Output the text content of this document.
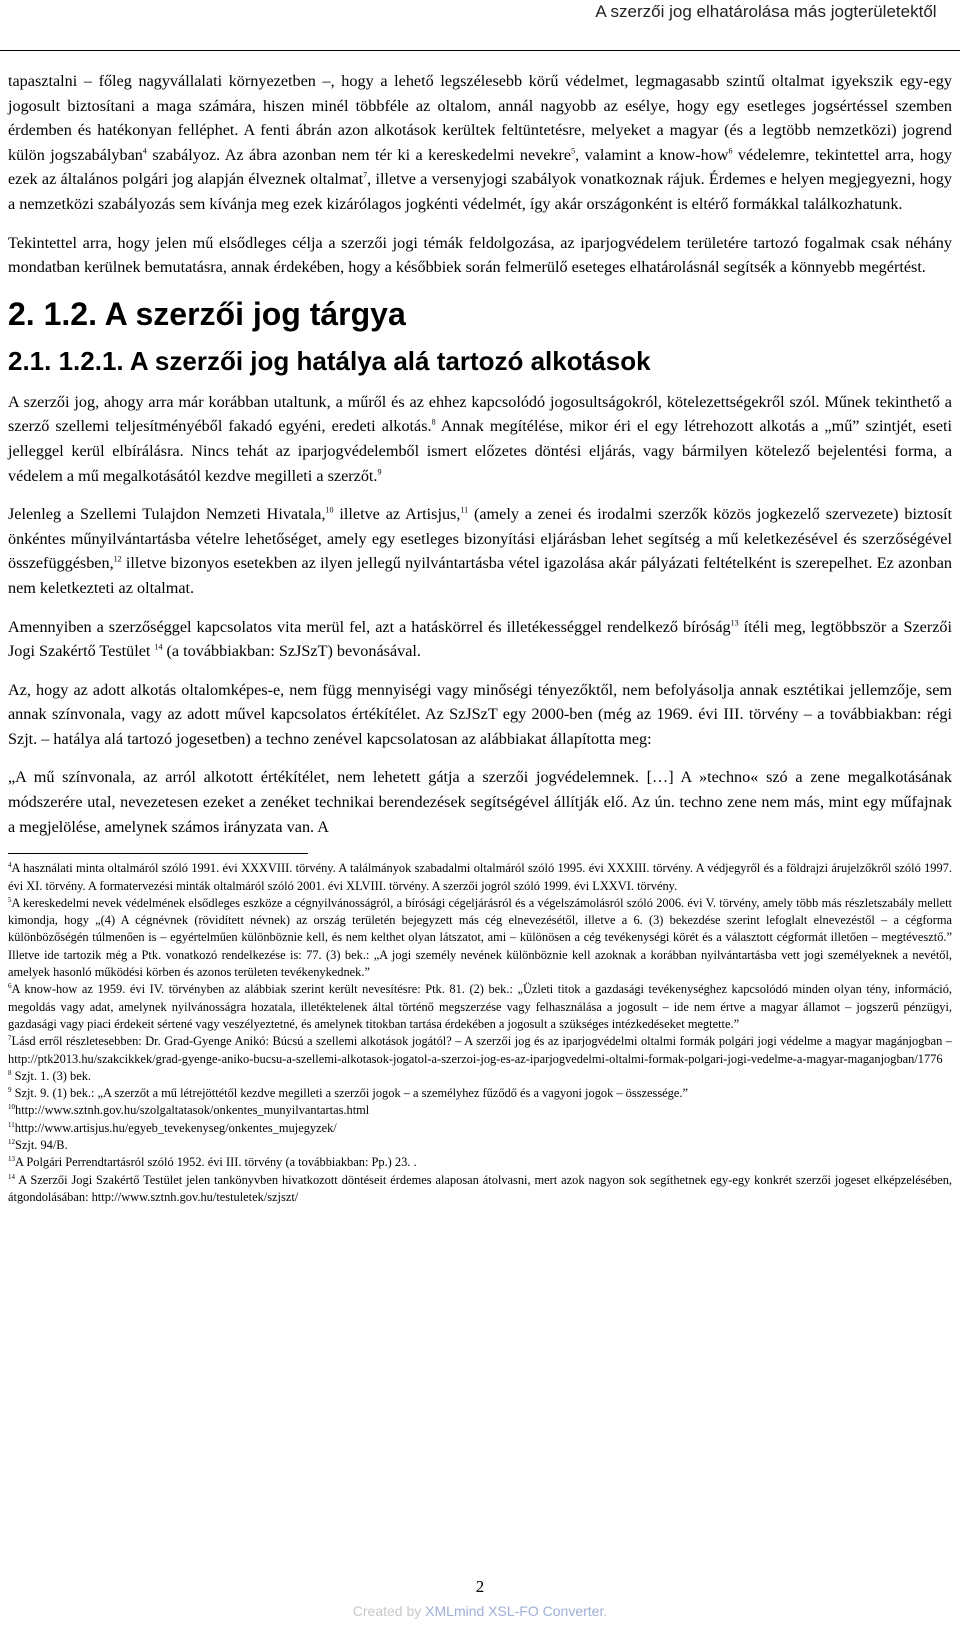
A szerzői jog elhatárolása más jogterületektől

tapasztalni – főleg nagyvállalati környezetben –, hogy a lehető legszélesebb körű védelmet, legmagasabb szintű oltalmat igyekszik egy-egy jogosult biztosítani a maga számára, hiszen minél többféle az oltalom, annál nagyobb az esélye, hogy egy esetleges jogsértéssel szemben érdemben és hatékonyan felléphet. A fenti ábrán azon alkotások kerültek feltüntetésre, melyeket a magyar (és a legtöbb nemzetközi) jogrend külön jogszabályban$^4$ szabályoz. Az ábra azonban nem tér ki a kereskedelmi nevekre$^5$, valamint a know-how$^6$ védelemre, tekintettel arra, hogy ezek az általános polgári jog alapján élveznek oltalmat$^7$, illetve a versenyjogi szabályok vonatkoznak rájuk. Érdemes e helyen megjegyezni, hogy a nemzetközi szabályozás sem kívánja meg ezek kizárólagos jogkénti védelmét, így akár országonként is eltérő formákkal találkozhatunk.

Tekintettel arra, hogy jelen mű elsődleges célja a szerzői jogi témák feldolgozása, az iparjogvédelem területére tartozó fogalmak csak néhány mondatban kerülnek bemutatásra, annak érdekében, hogy a későbbiek során felmerülő eseteges elhatárolásnál segítsék a könnyebb megértést.

2. 1.2. A szerzői jog tárgya
2.1. 1.2.1. A szerzői jog hatálya alá tartozó alkotások

A szerzői jog, ahogy arra már korábban utaltunk, a műről és az ehhez kapcsolódó jogosultságokról, kötelezettségekről szól. Műnek tekinthető a szerző szellemi teljesítményéből fakadó egyéni, eredeti alkotás.$^8$ Annak megítélése, mikor éri el egy létrehozott alkotás a „mű” szintjét, eseti jelleggel kerül elbírálásra. Nincs tehát az iparjogvédelemből ismert előzetes döntési eljárás, vagy bármilyen kötelező bejelentési forma, a védelem a mű megalkotásától kezdve megilleti a szerzőt.$^9$

Jelenleg a Szellemi Tulajdon Nemzeti Hivatala,$^{10}$ illetve az Artisjus,$^{11}$ (amely a zenei és irodalmi szerzők közös jogkezelő szervezete) biztosít önkéntes műnyilvántartásba vételre lehetőséget, amely egy esetleges bizonyítási eljárásban lehet segítség a mű keletkezésével és szerzőségével összefüggésben,$^{12}$ illetve bizonyos esetekben az ilyen jellegű nyilvántartásba vétel igazolása akár pályázati feltételként is szerepelhet. Ez azonban nem keletkezteti az oltalmat.

Amennyiben a szerzőséggel kapcsolatos vita merül fel, azt a hatáskörrel és illetékességgel rendelkező bíróság$^{13}$ ítéli meg, legtöbbször a Szerzői Jogi Szakértő Testület $^{14}$ (a továbbiakban: SzJSzT) bevonásával.

Az, hogy az adott alkotás oltalomképes-e, nem függ mennyiségi vagy minőségi tényezőktől, nem befolyásolja annak esztétikai jellemzője, sem annak színvonala, vagy az adott művel kapcsolatos értékítélet. Az SzJSzT egy 2000-ben (még az 1969. évi III. törvény – a továbbiakban: régi Szjt. – hatálya alá tartozó jogesetben) a techno zenével kapcsolatosan az alábbiakat állapította meg:

„A mű színvonala, az arról alkotott értékítélet, nem lehetett gátja a szerzői jogvédelemnek. […] A »techno« szó a zene megalkotásának módszerére utal, nevezetesen ezeket a zenéket technikai berendezések segítségével állítják elő. Az ún. techno zene nem más, mint egy műfajnak a megjelölése, amelynek számos irányzata van. A

$^4$A használati minta oltalmáról szóló 1991. évi XXXVIII. törvény. A találmányok szabadalmi oltalmáról szóló 1995. évi XXXIII. törvény. A védjegyről és a földrajzi árujelzőkről szóló 1997. évi XI. törvény. A formatervezési minták oltalmáról szóló 2001. évi XLVIII. törvény. A szerzői jogról szóló 1999. évi LXXVI. törvény.

$^5$A kereskedelmi nevek védelmének elsődleges eszköze a cégnyilvánosságról, a bírósági cégeljárásról és a végelszámolásról szóló 2006. évi V. törvény, amely több más részletszabály mellett kimondja, hogy „(4) A cégnévnek (rövidített névnek) az ország területén bejegyzett más cég elnevezésétől, illetve a 6. (3) bekezdése szerint lefoglalt elnevezéstől – a cégforma különbözőségén túlmenően is – egyértelműen különböznie kell, és nem kelthet olyan látszatot, ami – különösen a cég tevékenységi körét és a választott cégformát illetően – megtévesztő.” Illetve ide tartozik még a Ptk. vonatkozó rendelkezése is: 77. (3) bek.: „A jogi személy nevének különböznie kell azoknak a korábban nyilvántartásba vett jogi személyeknek a nevétől, amelyek hasonló működési körben és azonos területen tevékenykednek.”

$^6$A know-how az 1959. évi IV. törvényben az alábbiak szerint került nevesítésre: Ptk. 81. (2) bek.: „Üzleti titok a gazdasági tevékenységhez kapcsolódó minden olyan tény, információ, megoldás vagy adat, amelynek nyilvánosságra hozatala, illetéktelenek által történő megszerzése vagy felhasználása a jogosult – ide nem értve a magyar államot – jogszerű pénzügyi, gazdasági vagy piaci érdekeit sértené vagy veszélyeztetné, és amelynek titokban tartása érdekében a jogosult a szükséges intézkedéseket megtette.”

$^7$Lásd erről részletesebben: Dr. Grad-Gyenge Anikó: Búcsú a szellemi alkotások jogától? – A szerzői jog és az iparjogvédelmi oltalmi formák polgári jogi védelme a magyar magánjogban – http://ptk2013.hu/szakcikkek/grad-gyenge-aniko-bucsu-a-szellemi-alkotasok-jogatol-a-szerzoi-jog-es-az-iparjogvedelmi-oltalmi-formak-polgari-jogi-vedelme-a-magyar-maganjogban/1776

$^8$ Szjt. 1. (3) bek.

$^9$ Szjt. 9. (1) bek.: „A szerzőt a mű létrejöttétől kezdve megilleti a szerzői jogok – a személyhez fűződő és a vagyoni jogok – összessége.”

$^{10}$http://www.sztnh.gov.hu/szolgaltatasok/onkentes_munyilvantartas.html

$^{11}$http://www.artisjus.hu/egyeb_tevekenyseg/onkentes_mujegyzek/

$^{12}$Szjt. 94/B.

$^{13}$A Polgári Perrendtartásról szóló 1952. évi III. törvény (a továbbiakban: Pp.) 23. .

$^{14}$ A Szerzői Jogi Szakértő Testület jelen tankönyvben hivatkozott döntéseit érdemes alaposan átolvasni, mert azok nagyon sok segíthetnek egy-egy konkrét szerzői jogeset elképzelésében, átgondolásában: http://www.sztnh.gov.hu/testuletek/szjszt/

2
Created by XMLmind XSL-FO Converter.
